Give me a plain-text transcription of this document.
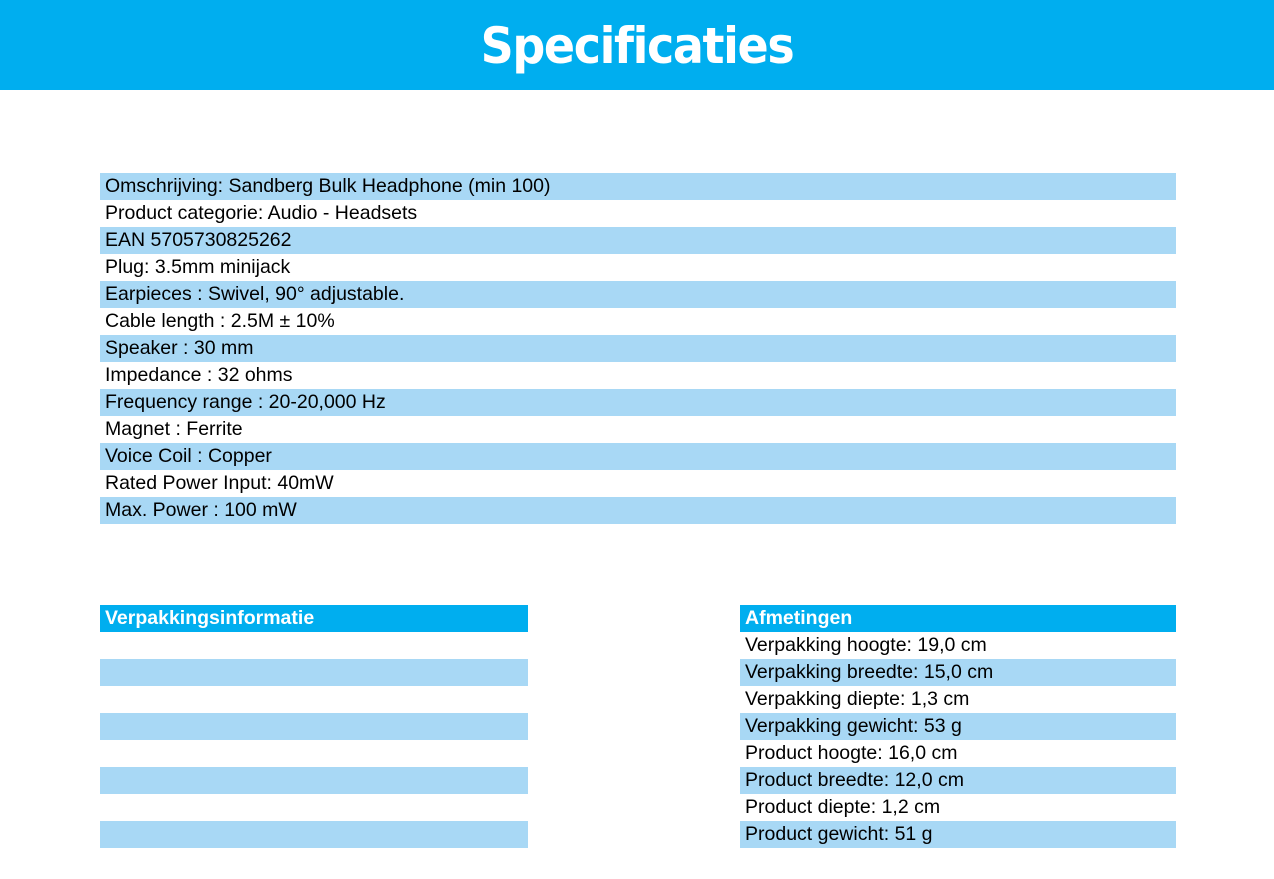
Specificaties
Omschrijving: Sandberg Bulk Headphone (min 100)
Product categorie: Audio - Headsets
EAN 5705730825262
Plug: 3.5mm minijack
Earpieces : Swivel, 90° adjustable.
Cable length : 2.5M ± 10%
Speaker : 30 mm
Impedance : 32 ohms
Frequency range : 20-20,000 Hz
Magnet : Ferrite
Voice Coil : Copper
Rated Power Input: 40mW
Max. Power : 100 mW
Verpakkingsinformatie	Afmetingen
Verpakking hoogte: 19,0 cm
Verpakking breedte: 15,0 cm
Verpakking diepte: 1,3 cm
Verpakking gewicht: 53 g
Product hoogte: 16,0 cm
Product breedte: 12,0 cm
Product diepte: 1,2 cm
Product gewicht: 51 g
